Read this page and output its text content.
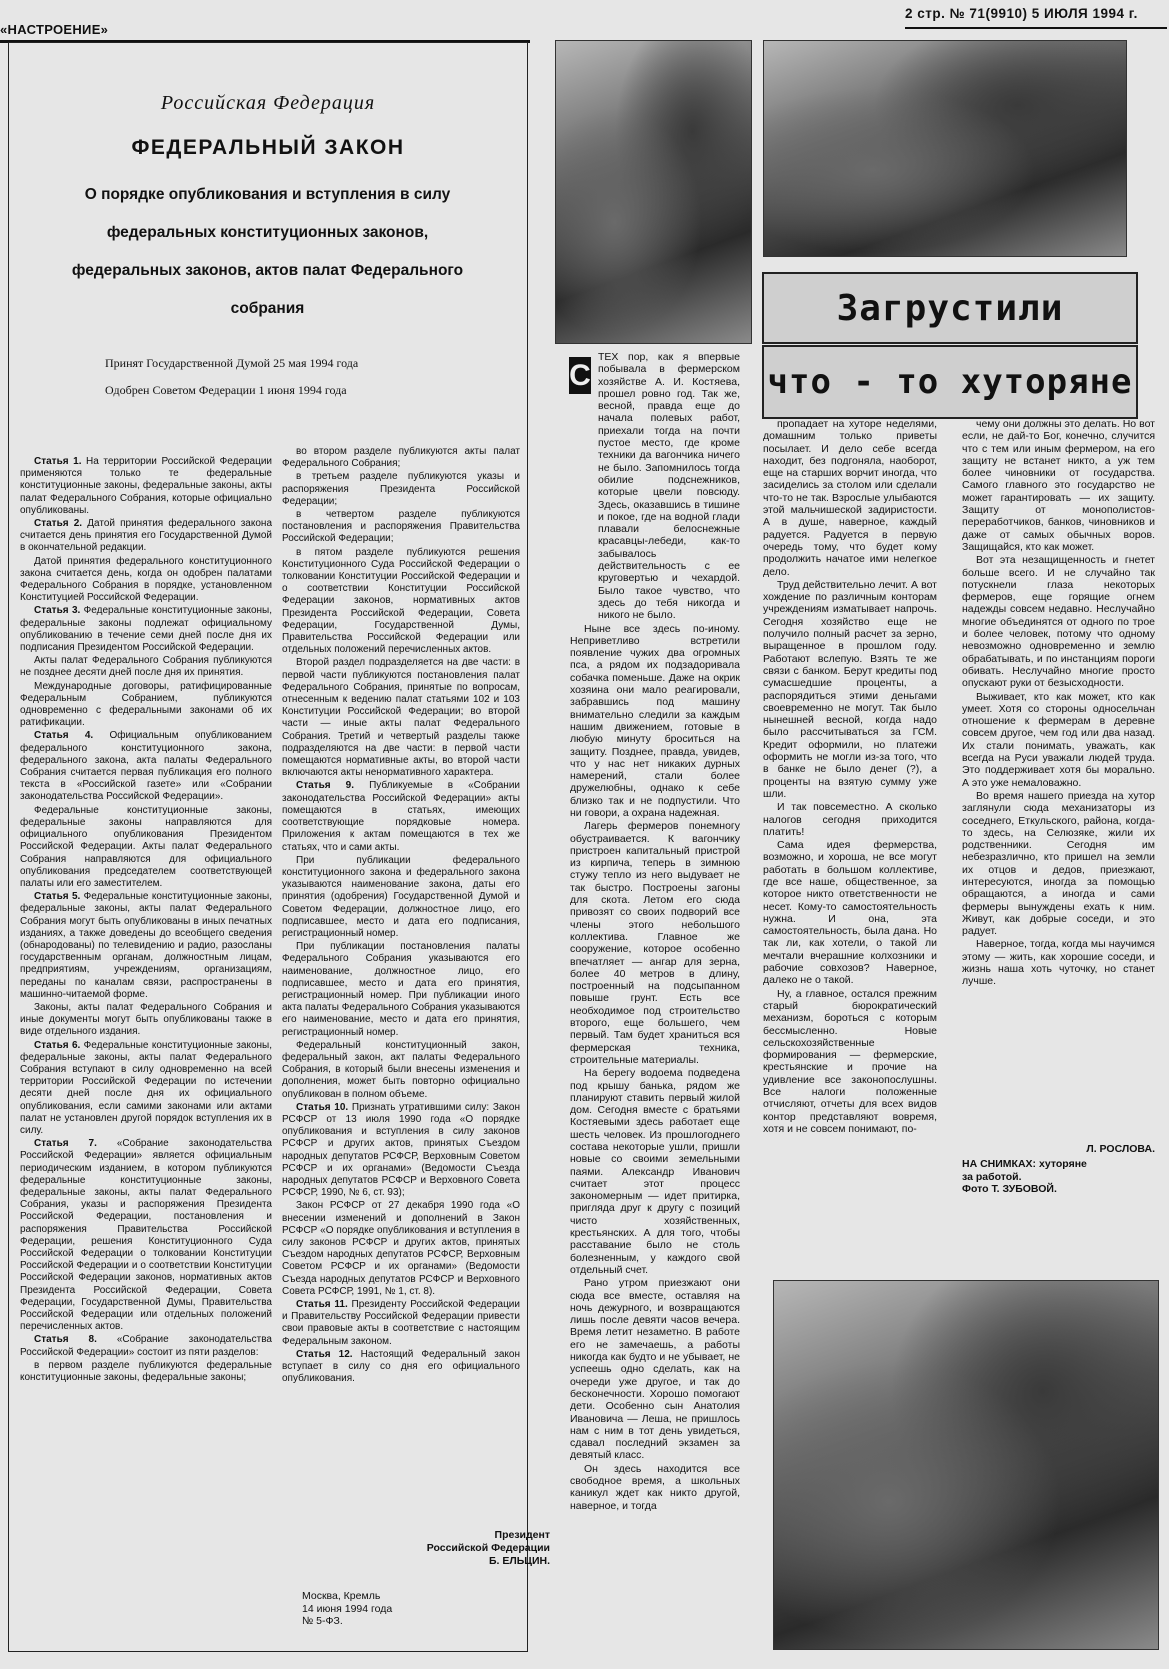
«НАСТРОЕНИЕ»
2 стр. № 71(9910) 5 ИЮЛЯ 1994 г.
Российская Федерация
ФЕДЕРАЛЬНЫЙ ЗАКОН
О порядке опубликования и вступления в силу федеральных конституционных законов, федеральных законов, актов палат Федерального собрания
Принят Государственной Думой 25 мая 1994 года
Одобрен Советом Федерации 1 июня 1994 года

Статья 1. На территории Российской Федерации применяются только те федеральные конституционные законы, федеральные законы, акты палат Федерального Собрания, которые официально опубликованы.

Статья 2. Датой принятия федерального закона считается день принятия его Государственной Думой в окончательной редакции.

Датой принятия федерального конституционного закона считается день, когда он одобрен палатами Федерального Собрания в порядке, установленном Конституцией Российской Федерации.

Статья 3. Федеральные конституционные законы, федеральные законы подлежат официальному опубликованию в течение семи дней после дня их подписания Президентом Российской Федерации.

Акты палат Федерального Собрания публикуются не позднее десяти дней после дня их принятия.

Международные договоры, ратифицированные Федеральным Собранием, публикуются одновременно с федеральными законами об их ратификации.

Статья 4. Официальным опубликованием федерального конституционного закона, федерального закона, акта палаты Федерального Собрания считается первая публикация его полного текста в «Российской газете» или «Собрании законодательства Российской Федерации».

Федеральные конституционные законы, федеральные законы направляются для официального опубликования Президентом Российской Федерации. Акты палат Федерального Собрания направляются для официального опубликования председателем соответствующей палаты или его заместителем.

Статья 5. Федеральные конституционные законы, федеральные законы, акты палат Федерального Собрания могут быть опубликованы в иных печатных изданиях, а также доведены до всеобщего сведения (обнародованы) по телевидению и радио, разосланы государственным органам, должностным лицам, предприятиям, учреждениям, организациям, переданы по каналам связи, распространены в машинно-читаемой форме.

Законы, акты палат Федерального Собрания и иные документы могут быть опубликованы также в виде отдельного издания.

Статья 6. Федеральные конституционные законы, федеральные законы, акты палат Федерального Собрания вступают в силу одновременно на всей территории Российской Федерации по истечении десяти дней после дня их официального опубликования, если самими законами или актами палат не установлен другой порядок вступления их в силу.

Статья 7. «Собрание законодательства Российской Федерации» является официальным периодическим изданием, в котором публикуются федеральные конституционные законы, федеральные законы, акты палат Федерального Собрания, указы и распоряжения Президента Российской Федерации, постановления и распоряжения Правительства Российской Федерации, решения Конституционного Суда Российской Федерации о толковании Конституции Российской Федерации и о соответствии Конституции Российской Федерации законов, нормативных актов Президента Российской Федерации, Совета Федерации, Государственной Думы, Правительства Российской Федерации или отдельных положений перечисленных актов.

Статья 8. «Собрание законодательства Российской Федерации» состоит из пяти разделов:

в первом разделе публикуются федеральные конституционные законы, федеральные законы;

во втором разделе публикуются акты палат Федерального Собрания;

в третьем разделе публикуются указы и распоряжения Президента Российской Федерации;

в четвертом разделе публикуются постановления и распоряжения Правительства Российской Федерации;

в пятом разделе публикуются решения Конституционного Суда Российской Федерации о толковании Конституции Российской Федерации и о соответствии Конституции Российской Федерации законов, нормативных актов Президента Российской Федерации, Совета Федерации, Государственной Думы, Правительства Российской Федерации или отдельных положений перечисленных актов.

Второй раздел подразделяется на две части: в первой части публикуются постановления палат Федерального Собрания, принятые по вопросам, отнесенным к ведению палат статьями 102 и 103 Конституции Российской Федерации; во второй части — иные акты палат Федерального Собрания. Третий и четвертый разделы также подразделяются на две части: в первой части помещаются нормативные акты, во второй части включаются акты ненормативного характера.

Статья 9. Публикуемые в «Собрании законодательства Российской Федерации» акты помещаются в статьях, имеющих соответствующие порядковые номера. Приложения к актам помещаются в тех же статьях, что и сами акты.

При публикации федерального конституционного закона и федерального закона указываются наименование закона, даты его принятия (одобрения) Государственной Думой и Советом Федерации, должностное лицо, его подписавшее, место и дата его подписания, регистрационный номер.

При публикации постановления палаты Федерального Собрания указываются его наименование, должностное лицо, его подписавшее, место и дата его принятия, регистрационный номер. При публикации иного акта палаты Федерального Собрания указываются его наименование, место и дата его принятия, регистрационный номер.

Федеральный конституционный закон, федеральный закон, акт палаты Федерального Собрания, в который были внесены изменения и дополнения, может быть повторно официально опубликован в полном объеме.

Статья 10. Признать утратившими силу: Закон РСФСР от 13 июля 1990 года «О порядке опубликования и вступления в силу законов РСФСР и других актов, принятых Съездом народных депутатов РСФСР, Верховным Советом РСФСР и их органами» (Ведомости Съезда народных депутатов РСФСР и Верховного Совета РСФСР, 1990, № 6, ст. 93);

Закон РСФСР от 27 декабря 1990 года «О внесении изменений и дополнений в Закон РСФСР «О порядке опубликования и вступления в силу законов РСФСР и других актов, принятых Съездом народных депутатов РСФСР, Верховным Советом РСФСР и их органами» (Ведомости Съезда народных депутатов РСФСР и Верховного Совета РСФСР, 1991, № 1, ст. 8).

Статья 11. Президенту Российской Федерации и Правительству Российской Федерации привести свои правовые акты в соответствие с настоящим Федеральным законом.

Статья 12. Настоящий Федеральный закон вступает в силу со дня его официального опубликования.

Президент
Российской Федерации
Б. ЕЛЬЦИН.
Москва, Кремль
14 июня 1994 года
№ 5-ФЗ.
Загрустили
что - то хуторяне

ТЕХ пор, как я впервые побывала в фермерском хозяйстве А. И. Костяева, прошел ровно год. Так же, весной, правда еще до начала полевых работ, приехали тогда на почти пустое место, где кроме техники да вагончика ничего не было. Запомнилось тогда обилие подснежников, которые цвели повсюду. Здесь, оказавшись в тишине и покое, где на водной глади плавали белоснежные красавцы-лебеди, как-то забывалось действительность с ее круговертью и чехардой. Было такое чувство, что здесь до тебя никогда и никого не было.

Ныне все здесь по-иному. Неприветливо встретили появление чужих два огромных пса, а рядом их подзадоривала собачка поменьше. Даже на окрик хозяина они мало реагировали, забравшись под машину внимательно следили за каждым нашим движением, готовые в любую минуту броситься на защиту. Позднее, правда, увидев, что у нас нет никаких дурных намерений, стали более дружелюбны, однако к себе близко так и не подпустили. Что ни говори, а охрана надежная.

Лагерь фермеров понемногу обустраивается. К вагончику пристроен капитальный пристрой из кирпича, теперь в зимнюю стужу тепло из него выдувает не так быстро. Построены загоны для скота. Летом его сюда привозят со своих подворий все члены этого небольшого коллектива. Главное же сооружение, которое особенно впечатляет — ангар для зерна, более 40 метров в длину, построенный на подсыпанном повыше грунт. Есть все необходимое под строительство второго, еще большего, чем первый. Там будет храниться вся фермерская техника, строительные материалы.

На берегу водоема подведена под крышу банька, рядом же планируют ставить первый жилой дом. Сегодня вместе с братьями Костяевыми здесь работает еще шесть человек. Из прошлогоднего состава некоторые ушли, пришли новые со своими земельными паями. Александр Иванович считает этот процесс закономерным — идет притирка, пригляда друг к другу с позиций чисто хозяйственных, крестьянских. А для того, чтобы расставание было не столь болезненным, у каждого свой отдельный счет.

Рано утром приезжают они сюда все вместе, оставляя на ночь дежурного, и возвращаются лишь после девяти часов вечера. Время летит незаметно. В работе его не замечаешь, а работы никогда как будто и не убывает, не успеешь одно сделать, как на очереди уже другое, и так до бесконечности. Хорошо помогают дети. Особенно сын Анатолия Ивановича — Леша, не пришлось нам с ним в тот день увидеться, сдавал последний экзамен за девятый класс.

Он здесь находится все свободное время, а школьных каникул ждет как никто другой, наверное, и тогда

С

пропадает на хуторе неделями, домашним только приветы посылает. И дело себе всегда находит, без подгоняла, наоборот, еще на старших ворчит иногда, что засиделись за столом или сделали что-то не так. Взрослые улыбаются этой мальчишеской задиристости. А в душе, наверное, каждый радуется. Радуется в первую очередь тому, что будет кому продолжить начатое ими нелегкое дело.

Труд действительно лечит. А вот хождение по различным конторам учреждениям изматывает напрочь. Сегодня хозяйство еще не получило полный расчет за зерно, выращенное в прошлом году. Работают вслепую. Взять те же связи с банком. Берут кредиты под сумасшедшие проценты, а распорядиться этими деньгами своевременно не могут. Так было нынешней весной, когда надо было рассчитываться за ГСМ. Кредит оформили, но платежи оформить не могли из-за того, что в банке не было денег (?), а проценты на взятую сумму уже шли.

И так повсеместно. А сколько налогов сегодня приходится платить!

Сама идея фермерства, возможно, и хороша, не все могут работать в большом коллективе, где все наше, общественное, за которое никто ответственности не несет. Кому-то самостоятельность нужна. И она, эта самостоятельность, была дана. Но так ли, как хотели, о такой ли мечтали вчерашние колхозники и рабочие совхозов? Наверное, далеко не о такой.

Ну, а главное, остался прежним старый бюрократический механизм, бороться с которым бессмысленно. Новые сельскохозяйственные формирования — фермерские, крестьянские и прочие на удивление все законопослушны. Все налоги положенные отчисляют, отчеты для всех видов контор представляют вовремя, хотя и не совсем понимают, по-

чему они должны это делать. Но вот если, не дай-то Бог, конечно, случится что с тем или иным фермером, на его защиту не встанет никто, а уж тем более чиновники от государства. Самого главного это государство не может гарантировать — их защиту. Защиту от монополистов-переработчиков, банков, чиновников и даже от самых обычных воров. Защищайся, кто как может.

Вот эта незащищенность и гнетет больше всего. И не случайно так потускнели глаза некоторых фермеров, еще горящие огнем надежды совсем недавно. Неслучайно многие объединятся от одного по трое и более человек, потому что одному невозможно одновременно и землю обрабатывать, и по инстанциям пороги обивать. Неслучайно многие просто опускают руки от безысходности.

Выживает, кто как может, кто как умеет. Хотя со стороны односельчан отношение к фермерам в деревне совсем другое, чем год или два назад. Их стали понимать, уважать, как всегда на Руси уважали людей труда. Это поддерживает хотя бы морально. А это уже немаловажно.

Во время нашего приезда на хутор заглянули сюда механизаторы из соседнего, Еткульского, района, когда-то здесь, на Селюзяке, жили их родственники. Сегодня им небезразлично, кто пришел на земли их отцов и дедов, приезжают, интересуются, иногда за помощью обращаются, а иногда и сами фермеры вынуждены ехать к ним. Живут, как добрые соседи, и это радует.

Наверное, тогда, когда мы научимся этому — жить, как хорошие соседи, и жизнь наша хоть чуточку, но станет лучше.

Л. РОСЛОВА.
НА СНИМКАХ: хуторяне
за работой.
Фото Т. ЗУБОВОЙ.
